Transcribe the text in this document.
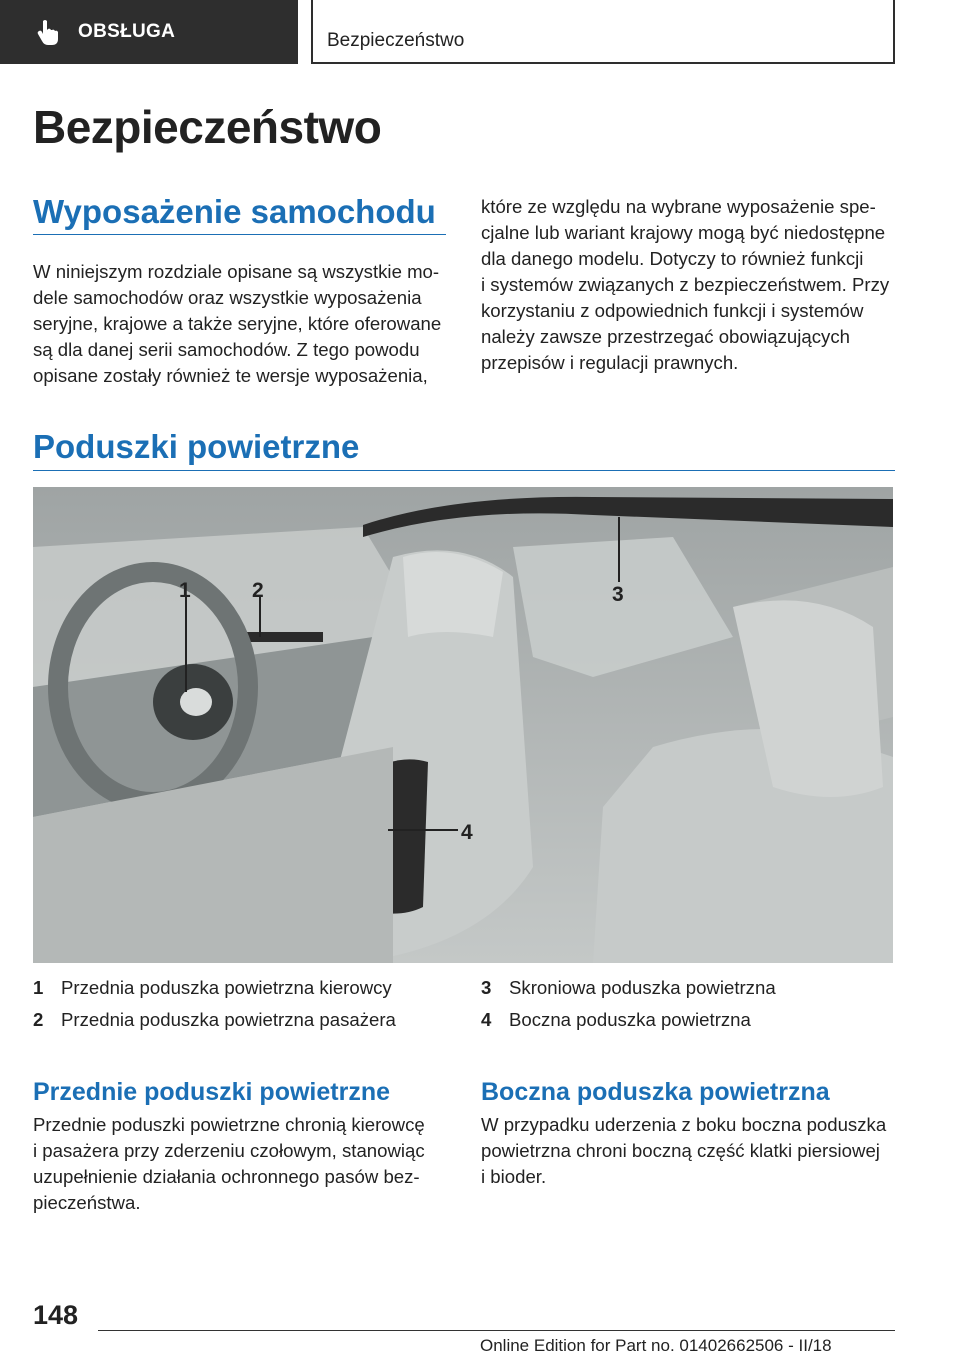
OBSŁUGA	Bezpieczeństwo
Bezpieczeństwo
Wyposażenie samochodu
W niniejszym rozdziale opisane są wszystkie mo‐
dele samochodów oraz wszystkie wyposażenia
seryjne, krajowe a także seryjne, które oferowane
są dla danej serii samochodów. Z tego powodu
opisane zostały również te wersje wyposażenia,
które ze względu na wybrane wyposażenie spe‐
cjalne lub wariant krajowy mogą być niedostępne
dla danego modelu. Dotyczy to również funkcji
i systemów związanych z bezpieczeństwem. Przy
korzystaniu z odpowiednich funkcji i systemów
należy zawsze przestrzegać obowiązujących
przepisów i regulacji prawnych.
Poduszki powietrzne
1	2	3
4
1 Przednia poduszka powietrzna kierowcy
2 Przednia poduszka powietrzna pasażera
3 Skroniowa poduszka powietrzna
4 Boczna poduszka powietrzna
Przednie poduszki powietrzne
Przednie poduszki powietrzne chronią kierowcę
i pasażera przy zderzeniu czołowym, stanowiąc
uzupełnienie działania ochronnego pasów bez‐
pieczeństwa.
Boczna poduszka powietrzna
W przypadku uderzenia z boku boczna poduszka
powietrzna chroni boczną część klatki piersiowej
i bioder.
148
Online Edition for Part no. 01402662506 - II/18
